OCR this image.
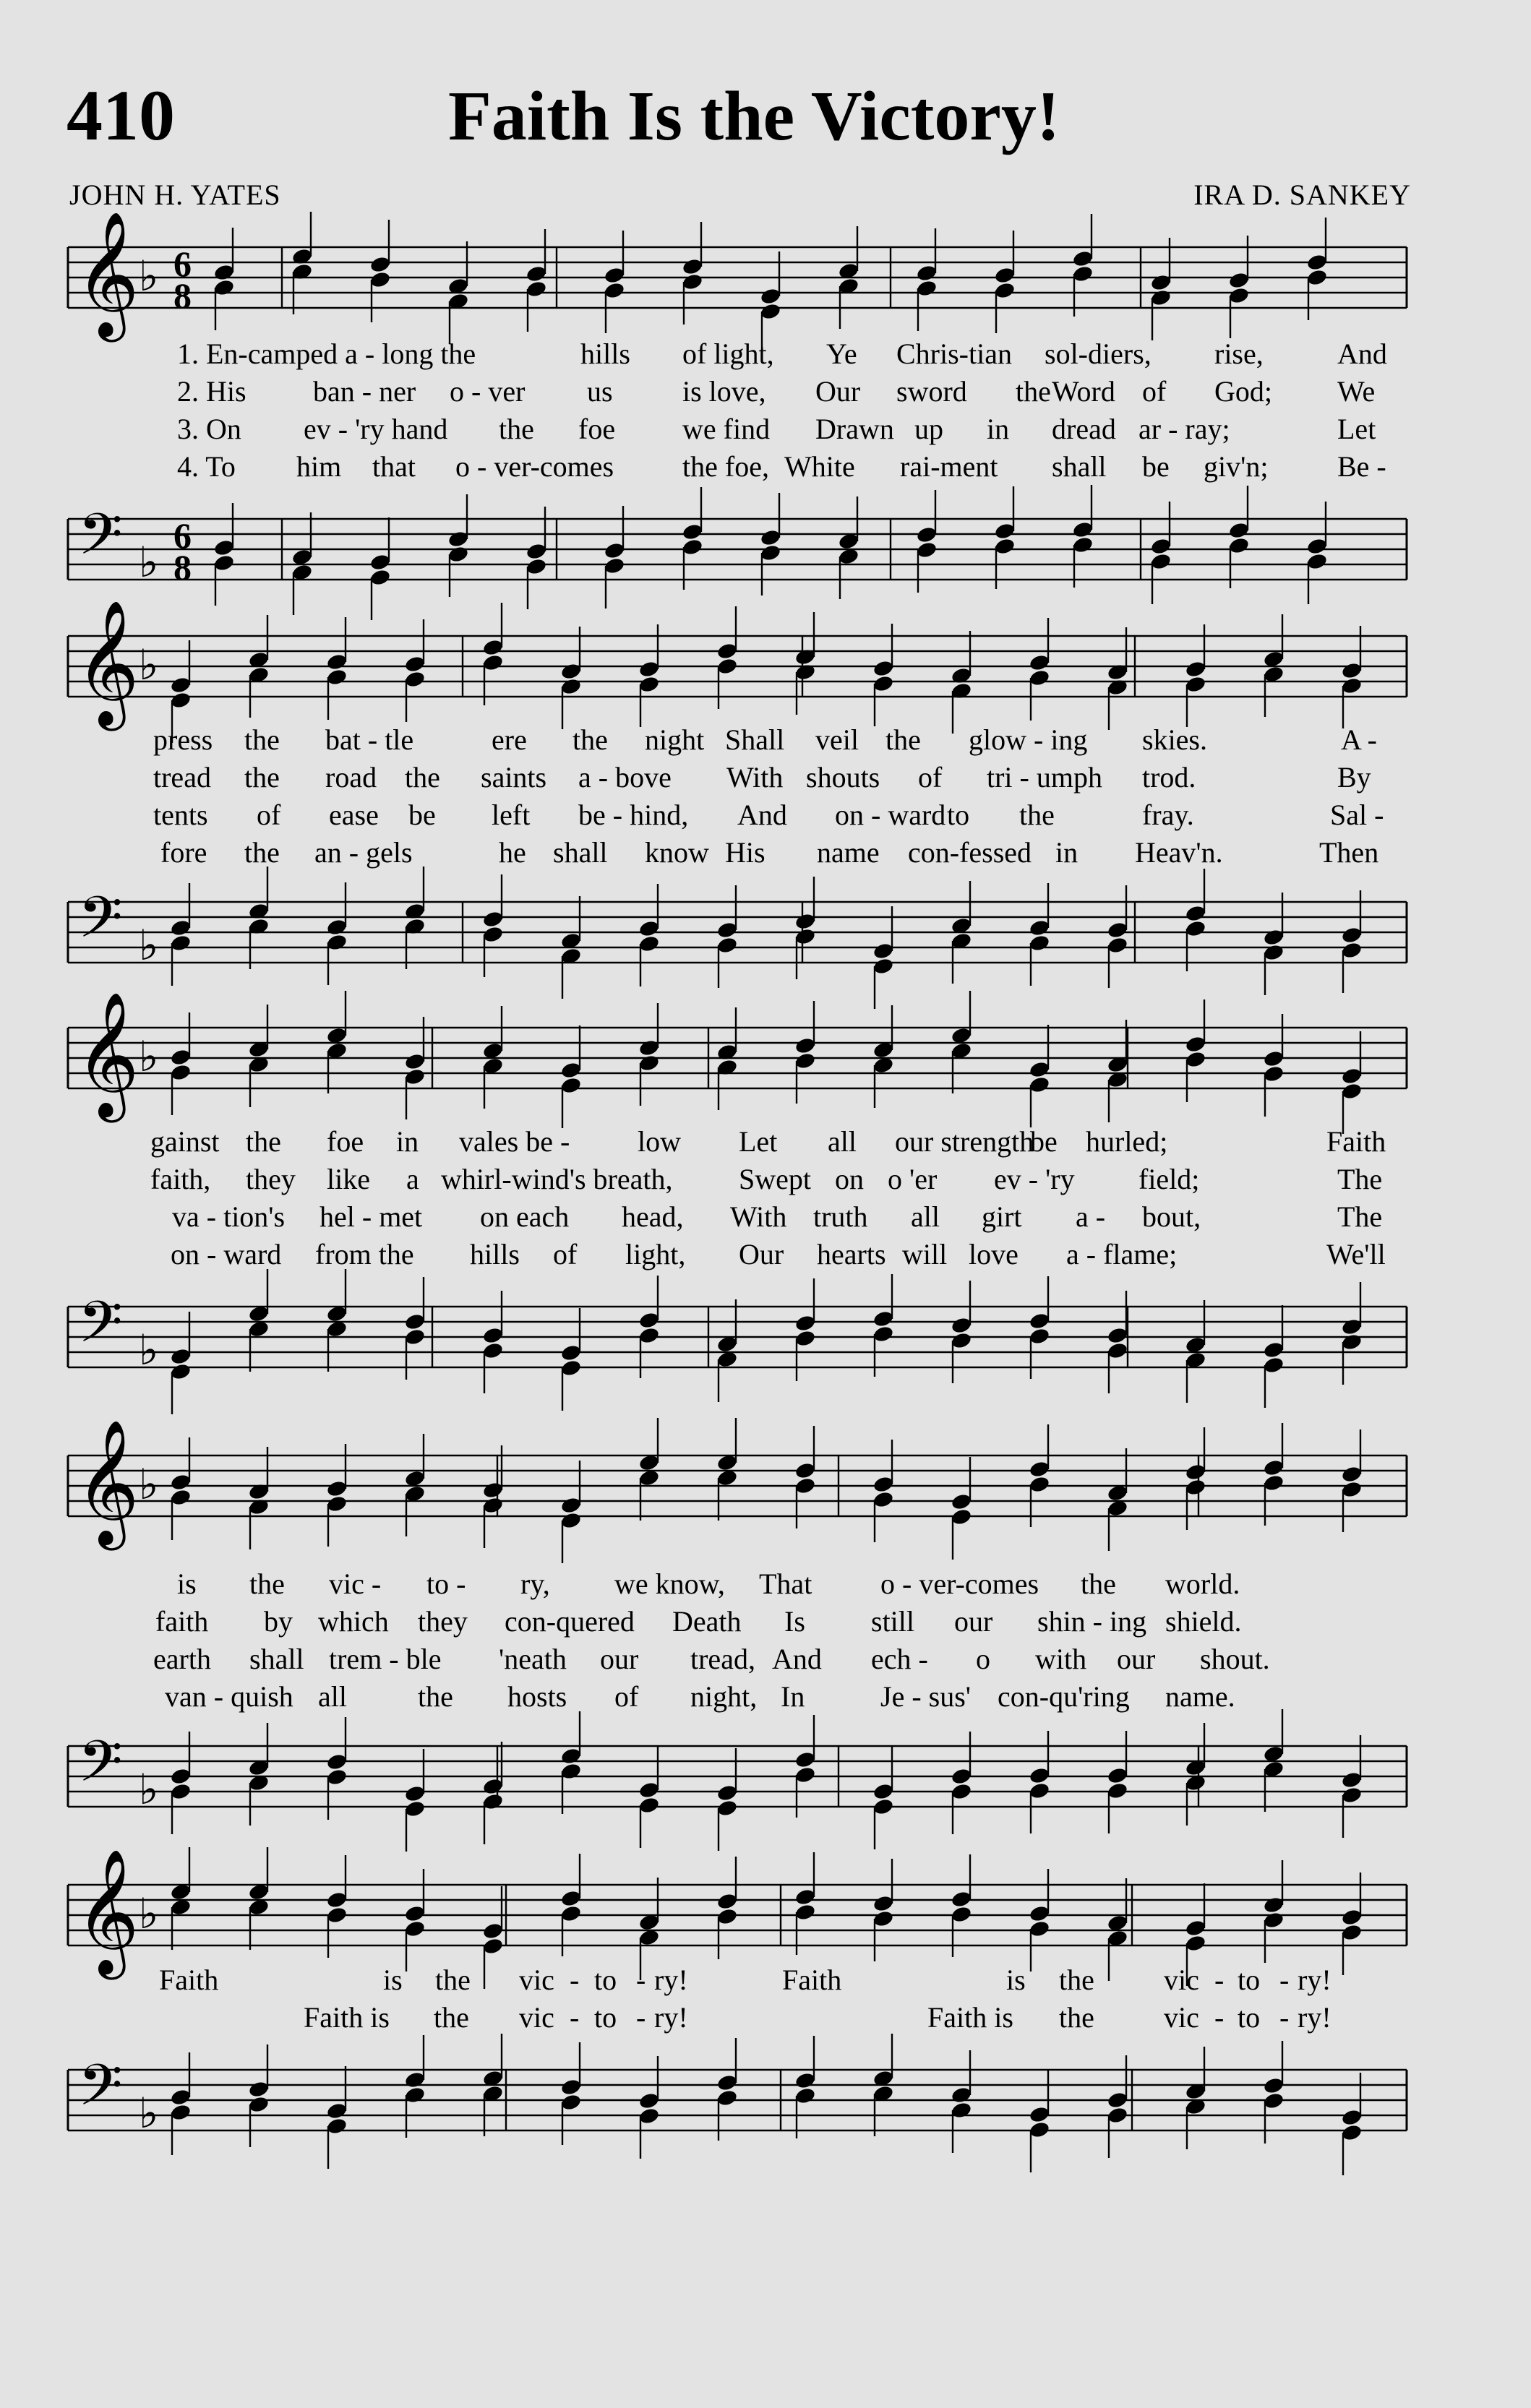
410	Faith Is the Victory!
JOHN H. YATES	IRA D. SANKEY
𝄞 ♭ 6
8
1. En-camped a - long the	hills of light, Ye Chris-tian sol-diers, rise,	And
2. His ban - ner o - ver us is love, Our sword the Word of God; We
3. On ev - 'ry hand the foe we find Drawn up in dread ar - ray;	Let
4. To him that o - ver-comes the foe, White rai-ment shall be giv'n; Be -
𝄢 ♭
6
8
𝄞 ♭
press the bat - tle	ere the night Shall veil the glow - ing skies.	A -
tread the road the saints a - bove With shouts of tri - umph trod.	By
tents of ease be left be - hind, And on - ward to the	fray.	Sal -
fore the an - gels	he shall know His name con-fessed in Heav'n.	Then
𝄢 ♭
𝄞 ♭
gainst the foe in vales be - low Let all our strength
be hurled;	Faith
faith, they like a whirl-wind's breath, Swept on o 'er ev - 'ry field;	The
va - tion's hel - met on each head, With truth all girt a - bout,	The
on - ward from the hills of light, Our hearts will love a - flame;	We'll
𝄢 ♭
𝄞 ♭
is the vic - to - ry, we know, That o - ver-comes the world.
faith by which they con-quered Death Is still our shin - ing shield.
earth shall trem - ble 'neath our tread, And ech - o with our shout.
van - quish all the hosts of night, In	Je - sus' con-qu'ring name.
𝄢 ♭
𝄞 ♭
Faith	is the vic - to - ry!	Faith	is the vic - to - ry!
Faith is the vic - to - ry!	Faith is the vic - to - ry!
𝄢 ♭
